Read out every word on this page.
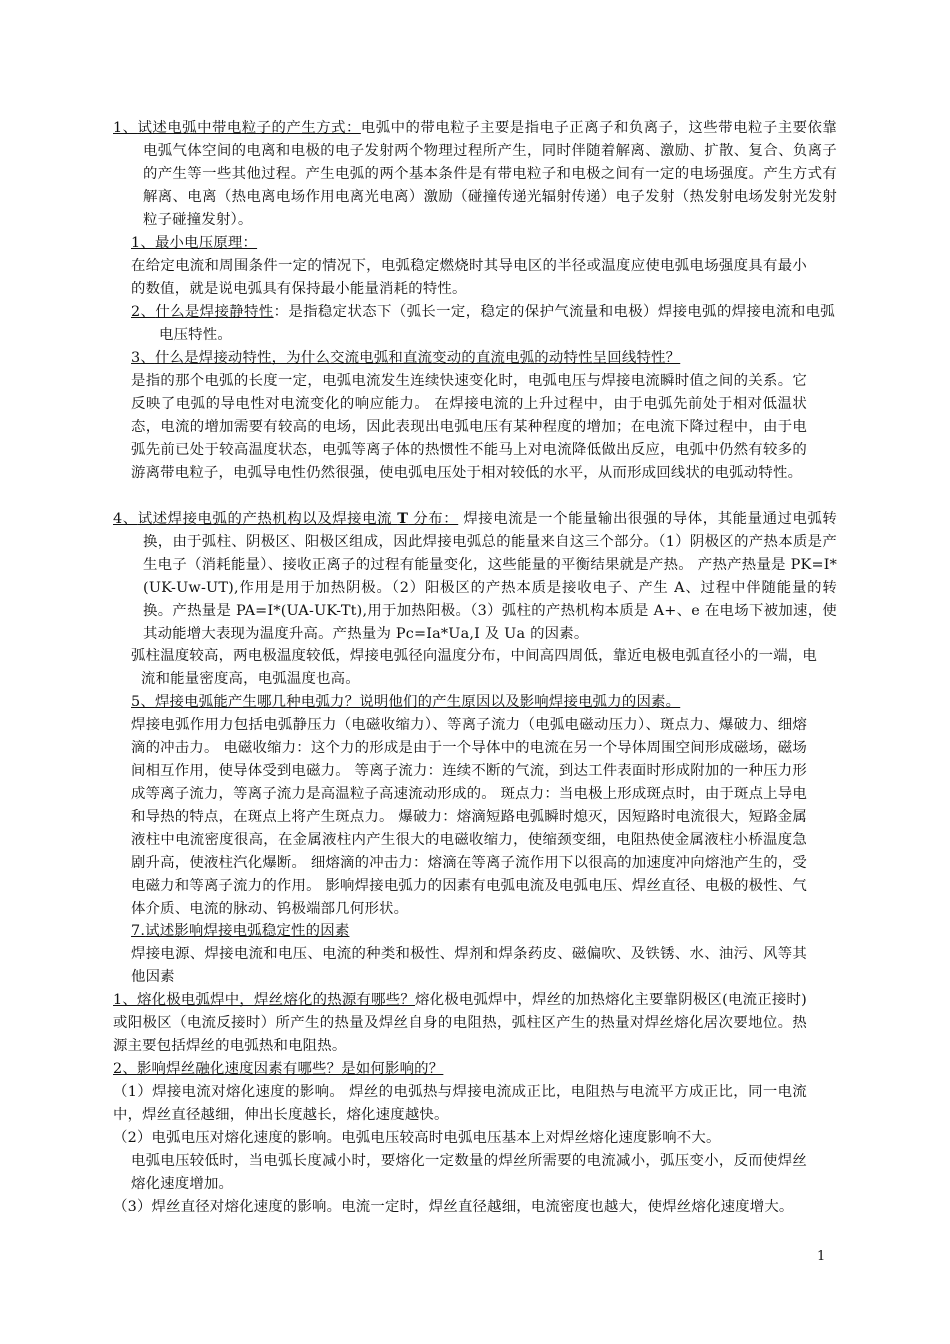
1、试述电弧中带电粒子的产生方式：电弧中的带电粒子主要是指电子正离子和负离子，这些带电粒子主要依靠电弧气体空间的电离和电极的电子发射两个物理过程所产生，同时伴随着解离、激励、扩散、复合、负离子的产生等一些其他过程。产生电弧的两个基本条件是有带电粒子和电极之间有一定的电场强度。产生方式有解离、电离（热电离电场作用电离光电离）激励（碰撞传递光辐射传递）电子发射（热发射电场发射光发射粒子碰撞发射）。

1、最小电压原理：

在给定电流和周围条件一定的情况下，电弧稳定燃烧时其导电区的半径或温度应使电弧电场强度具有最小的数值，就是说电弧具有保持最小能量消耗的特性。

2、什么是焊接静特性：是指稳定状态下（弧长一定，稳定的保护气流量和电极）焊接电弧的焊接电流和电弧电压特性。

3、什么是焊接动特性，为什么交流电弧和直流变动的直流电弧的动特性呈回线特性？

是指的那个电弧的长度一定，电弧电流发生连续快速变化时，电弧电压与焊接电流瞬时值之间的关系。它反映了电弧的导电性对电流变化的响应能力。 在焊接电流的上升过程中，由于电弧先前处于相对低温状态，电流的增加需要有较高的电场，因此表现出电弧电压有某种程度的增加；在电流下降过程中，由于电弧先前已处于较高温度状态，电弧等离子体的热惯性不能马上对电流降低做出反应，电弧中仍然有较多的游离带电粒子，电弧导电性仍然很强，使电弧电压处于相对较低的水平，从而形成回线状的电弧动特性。

4、试述焊接电弧的产热机构以及焊接电流 T 分布： 焊接电流是一个能量输出很强的导体，其能量通过电弧转换，由于弧柱、阴极区、阳极区组成，因此焊接电弧总的能量来自这三个部分。（1）阴极区的产热本质是产生电子（消耗能量）、接收正离子的过程有能量变化，这些能量的平衡结果就是产热。 产热产热量是 PK=I*(UK-Uw-UT),作用是用于加热阴极。（2）阳极区的产热本质是接收电子、产生 A、过程中伴随能量的转换。产热量是 PA=I*(UA-UK-Tt),用于加热阳极。（3）弧柱的产热机构本质是 A+、e 在电场下被加速，使其动能增大表现为温度升高。产热量为 Pc=Ia*Ua,I 及 Ua 的因素。

弧柱温度较高，两电极温度较低，焊接电弧径向温度分布，中间高四周低，靠近电极电弧直径小的一端，电流和能量密度高，电弧温度也高。

5、焊接电弧能产生哪几种电弧力？说明他们的产生原因以及影响焊接电弧力的因素。

焊接电弧作用力包括电弧静压力（电磁收缩力）、等离子流力（电弧电磁动压力）、斑点力、爆破力、细熔滴的冲击力。 电磁收缩力：这个力的形成是由于一个导体中的电流在另一个导体周围空间形成磁场，磁场间相互作用，使导体受到电磁力。 等离子流力：连续不断的气流，到达工件表面时形成附加的一种压力形成等离子流力，等离子流力是高温粒子高速流动形成的。 斑点力：当电极上形成斑点时，由于斑点上导电和导热的特点，在斑点上将产生斑点力。 爆破力：熔滴短路电弧瞬时熄灭，因短路时电流很大，短路金属液柱中电流密度很高，在金属液柱内产生很大的电磁收缩力，使缩颈变细，电阻热使金属液柱小桥温度急剧升高，使液柱汽化爆断。 细熔滴的冲击力：熔滴在等离子流作用下以很高的加速度冲向熔池产生的，受电磁力和等离子流力的作用。 影响焊接电弧力的因素有电弧电流及电弧电压、焊丝直径、电极的极性、气体介质、电流的脉动、钨极端部几何形状。

7.试述影响焊接电弧稳定性的因素

焊接电源、焊接电流和电压、电流的种类和极性、焊剂和焊条药皮、磁偏吹、及铁锈、水、油污、风等其他因素

1、熔化极电弧焊中，焊丝熔化的热源有哪些？熔化极电弧焊中，焊丝的加热熔化主要靠阴极区(电流正接时)或阳极区（电流反接时）所产生的热量及焊丝自身的电阻热，弧柱区产生的热量对焊丝熔化居次要地位。热源主要包括焊丝的电弧热和电阻热。

2、影响焊丝融化速度因素有哪些？是如何影响的？

（1）焊接电流对熔化速度的影响。 焊丝的电弧热与焊接电流成正比，电阻热与电流平方成正比，同一电流中，焊丝直径越细，伸出长度越长，熔化速度越快。

（2）电弧电压对熔化速度的影响。电弧电压较高时电弧电压基本上对焊丝熔化速度影响不大。

电弧电压较低时，当电弧长度减小时，要熔化一定数量的焊丝所需要的电流减小，弧压变小，反而使焊丝熔化速度增加。

（3）焊丝直径对熔化速度的影响。电流一定时，焊丝直径越细，电流密度也越大，使焊丝熔化速度增大。

1
